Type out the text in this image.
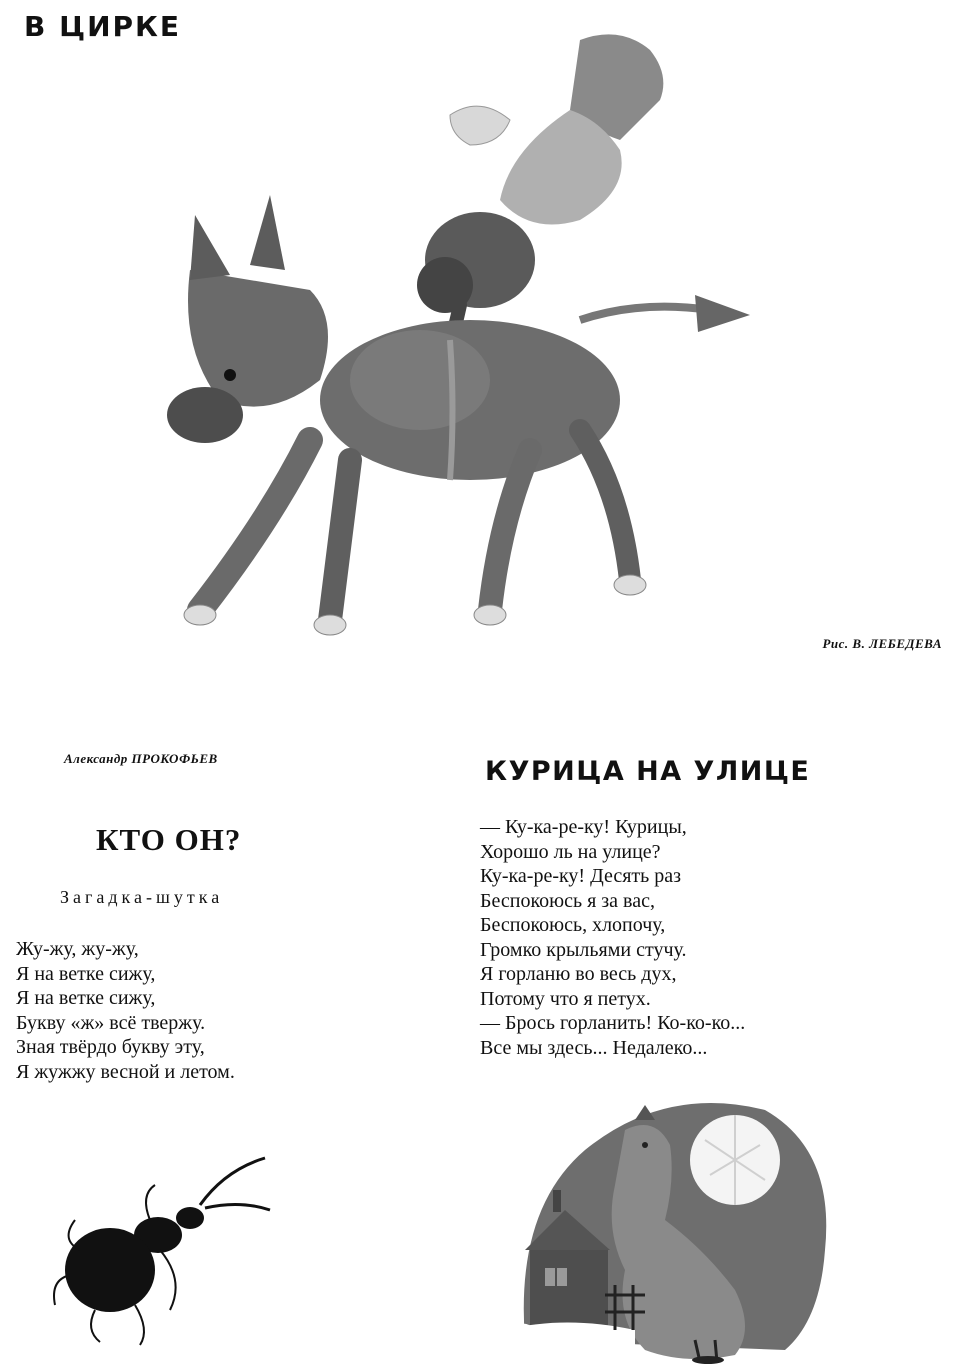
В ЦИРКЕ
Рис. В. ЛЕБЕДЕВА
Александр ПРОКОФЬЕВ
КТО ОН?
Загадка-шутка
Жу-жу, жу-жу,
Я на ветке сижу,
Я на ветке сижу,
Букву «ж» всё твержу.
Зная твёрдо букву эту,
Я жужжу весной и летом.
КУРИЦА НА УЛИЦЕ
— Ку-ка-ре-ку! Курицы,
Хорошо ль на улице?
Ку-ка-ре-ку! Десять раз
Беспокоюсь я за вас,
Беспокоюсь, хлопочу,
Громко крыльями стучу.
Я горланю во весь дух,
Потому что я петух.
— Брось горланить! Ко-ко-ко...
Все мы здесь... Недалеко...
